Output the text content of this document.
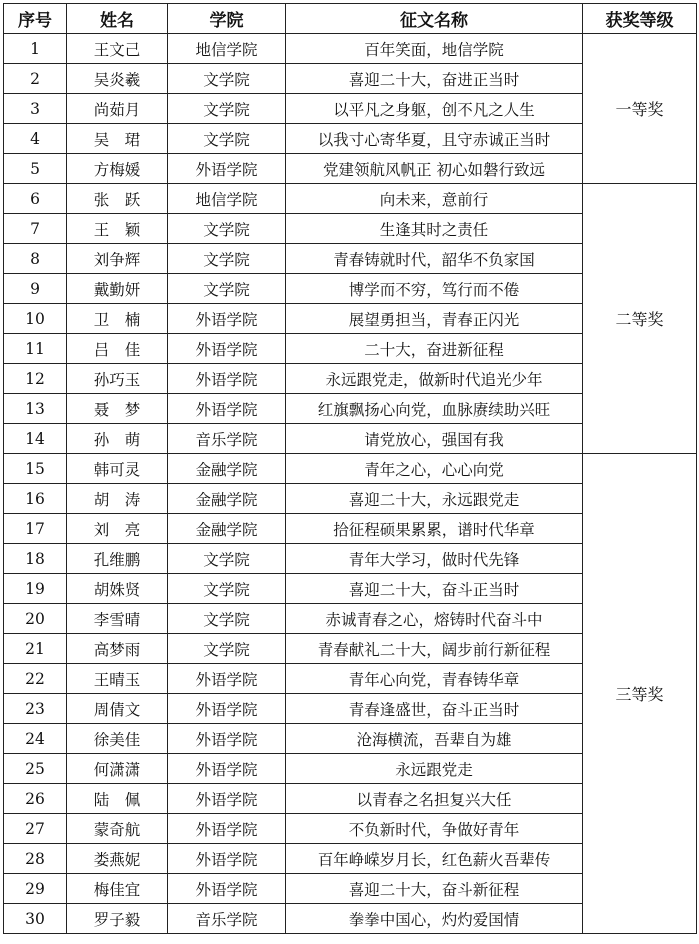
序号	姓名	学院	征文名称	获奖等级
1	王文己	地信学院	百年笑面，地信学院	一等奖
2	吴炎羲	文学院	喜迎二十大，奋进正当时	
3	尚茹月	文学院	以平凡之身躯，创不凡之人生	
4	吴　珺	文学院	以我寸心寄华夏，且守赤诚正当时	
5	方梅媛	外语学院	党建领航风帆正 初心如磐行致远	
6	张　跃	地信学院	向未来，意前行	二等奖
7	王　颖	文学院	生逢其时之责任	
8	刘争辉	文学院	青春铸就时代，韶华不负家国	
9	戴勤妍	文学院	博学而不穷，笃行而不倦	
10	卫　楠	外语学院	展望勇担当，青春正闪光	
11	吕　佳	外语学院	二十大，奋进新征程	
12	孙巧玉	外语学院	永远跟党走，做新时代追光少年	
13	聂　梦	外语学院	红旗飘扬心向党，血脉赓续助兴旺	
14	孙　萌	音乐学院	请党放心，强国有我	
15	韩可灵	金融学院	青年之心，心心向党	三等奖
16	胡　涛	金融学院	喜迎二十大，永远跟党走	
17	刘　亮	金融学院	拾征程硕果累累，谱时代华章	
18	孔维鹏	文学院	青年大学习，做时代先锋	
19	胡姝贤	文学院	喜迎二十大，奋斗正当时	
20	李雪晴	文学院	赤诚青春之心，熔铸时代奋斗中	
21	高梦雨	文学院	青春献礼二十大，阔步前行新征程	
22	王晴玉	外语学院	青年心向党，青春铸华章	
23	周倩文	外语学院	青春逢盛世，奋斗正当时	
24	徐美佳	外语学院	沧海横流，吾辈自为雄	
25	何潇潇	外语学院	永远跟党走	
26	陆　佩	外语学院	以青春之名担复兴大任	
27	蒙奇航	外语学院	不负新时代，争做好青年	
28	娄燕妮	外语学院	百年峥嵘岁月长，红色薪火吾辈传	
29	梅佳宜	外语学院	喜迎二十大，奋斗新征程	
30	罗子毅	音乐学院	拳拳中国心，灼灼爱国情	
